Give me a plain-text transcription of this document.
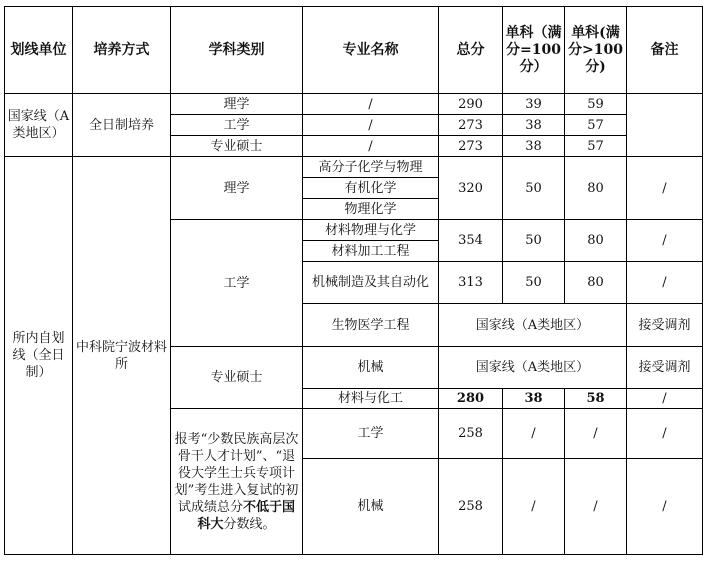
划线单位	培养方式	学科类别	专业名称	总分	单科（满分=100分）	单科(满分>100分)	备注
国家线（A类地区）	全日制培养	理学	/	290	39	59	
		工学	/	273	38	57	
		专业硕士	/	273	38	57	
所内自划线（全日制）	中科院宁波材料所	理学	高分子化学与物理	320	50	80	/
			有机化学				
			物理化学				
		工学	材料物理与化学	354	50	80	/
			材料加工工程				
			机械制造及其自动化	313	50	80	/
			生物医学工程	国家线（A类地区）			接受调剂
		专业硕士	机械	国家线（A类地区）			接受调剂
			材料与化工	280	38	58	/
		报考“少数民族高层次骨干人才计划”、“退役大学生士兵专项计划”考生进入复试的初试成绩总分不低于国科大分数线。	工学	258	/	/	/
			机械	258	/	/	/
